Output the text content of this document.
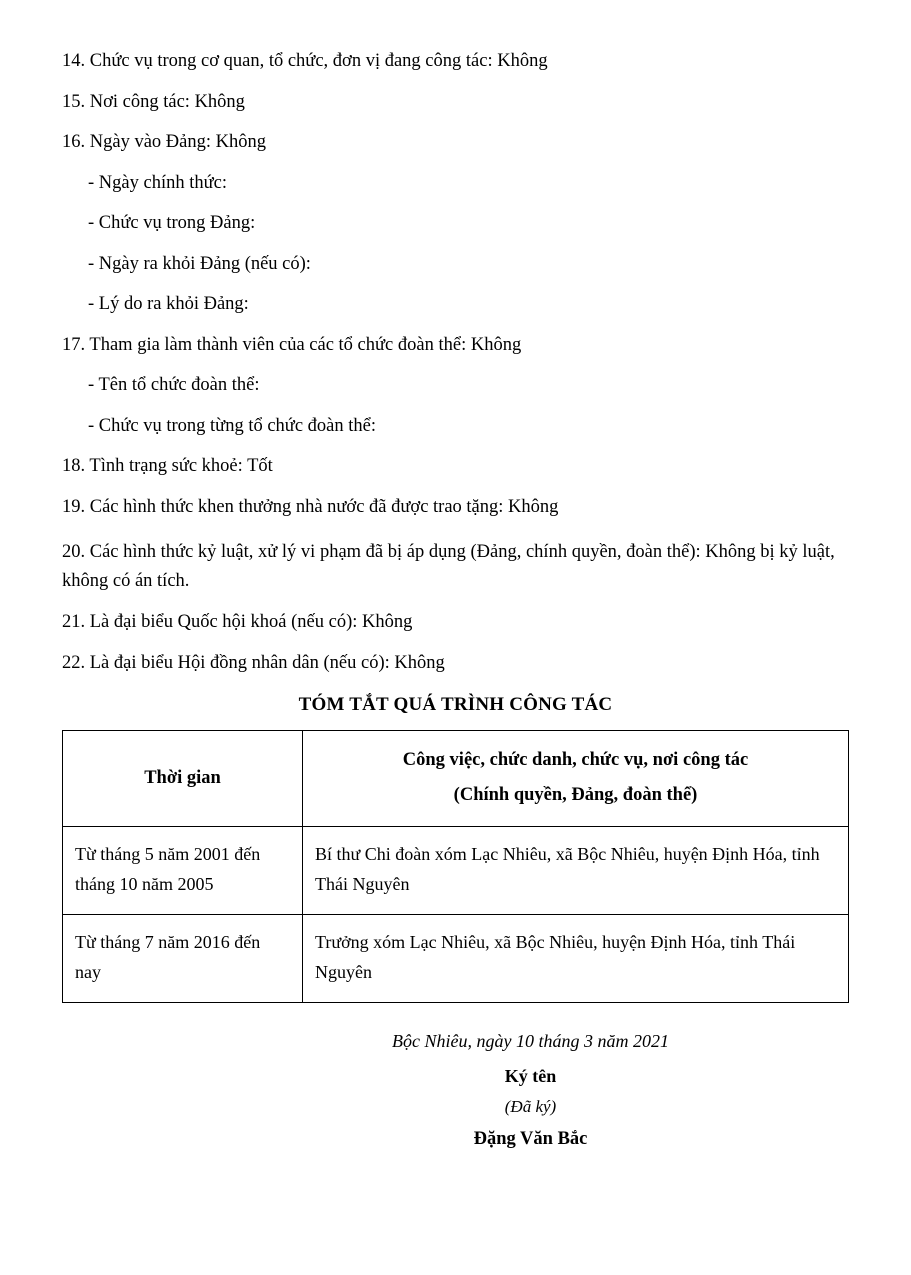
14. Chức vụ trong cơ quan, tổ chức, đơn vị đang công tác: Không

15. Nơi công tác: Không

16. Ngày vào Đảng: Không

- Ngày chính thức:

- Chức vụ trong Đảng:

- Ngày ra khỏi Đảng (nếu có):

- Lý do ra khỏi Đảng:

17. Tham gia làm thành viên của các tổ chức đoàn thể: Không

- Tên tổ chức đoàn thể:

- Chức vụ trong từng tổ chức đoàn thể:

18. Tình trạng sức khoẻ: Tốt

19. Các hình thức khen thưởng nhà nước đã được trao tặng: Không

20. Các hình thức kỷ luật, xử lý vi phạm đã bị áp dụng (Đảng, chính quyền, đoàn thể): Không bị kỷ luật, không có án tích.

21. Là đại biểu Quốc hội khoá (nếu có): Không

22. Là đại biểu Hội đồng nhân dân (nếu có): Không

TÓM TẮT QUÁ TRÌNH CÔNG TÁC
Thời gian	Công việc, chức danh, chức vụ, nơi công tác
(Chính quyền, Đảng, đoàn thể)

Từ tháng 5 năm 2001 đến tháng 10 năm 2005	Bí thư Chi đoàn xóm Lạc Nhiêu, xã Bộc Nhiêu, huyện Định Hóa, tỉnh Thái Nguyên
Từ tháng 7 năm 2016 đến nay	Trưởng xóm Lạc Nhiêu, xã Bộc Nhiêu, huyện Định Hóa, tỉnh Thái Nguyên

Bộc Nhiêu, ngày 10 tháng 3 năm 2021

Ký tên

(Đã ký)

Đặng Văn Bắc
